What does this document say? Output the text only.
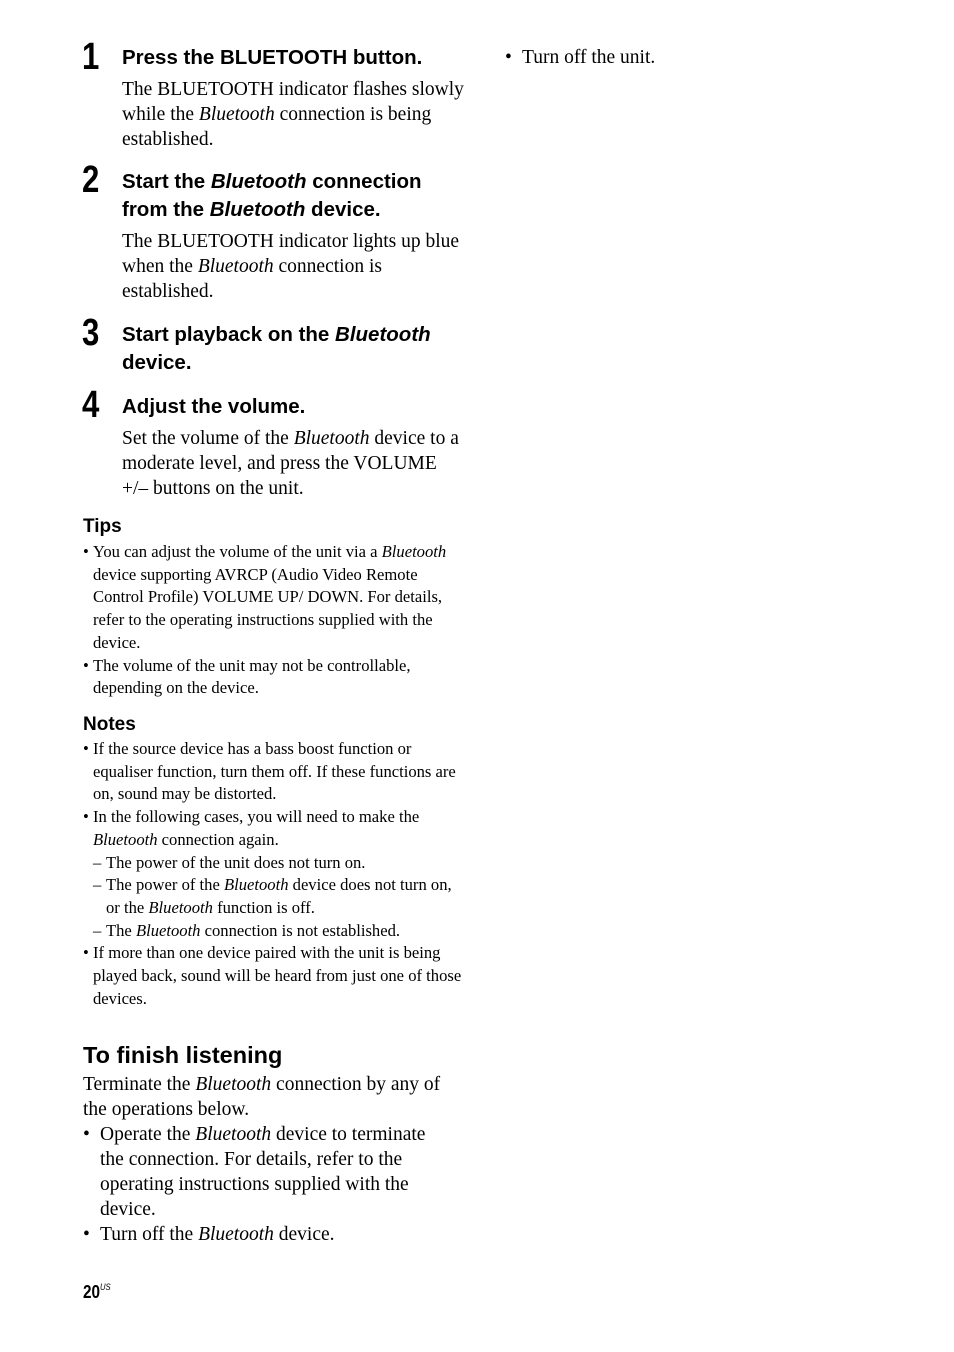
1 Press the BLUETOOTH button.
The BLUETOOTH indicator flashes slowly while the Bluetooth connection is being established.
2 Start the Bluetooth connection from the Bluetooth device.
The BLUETOOTH indicator lights up blue when the Bluetooth connection is established.
3 Start playback on the Bluetooth device.
4 Adjust the volume.
Set the volume of the Bluetooth device to a moderate level, and press the VOLUME +/– buttons on the unit.
Tips
• You can adjust the volume of the unit via a Bluetooth device supporting AVRCP (Audio Video Remote Control Profile) VOLUME UP/ DOWN. For details, refer to the operating instructions supplied with the device.
• The volume of the unit may not be controllable, depending on the device.
Notes
• If the source device has a bass boost function or equaliser function, turn them off. If these functions are on, sound may be distorted.
• In the following cases, you will need to make the Bluetooth connection again.
– The power of the unit does not turn on.
– The power of the Bluetooth device does not turn on, or the Bluetooth function is off.
– The Bluetooth connection is not established.
• If more than one device paired with the unit is being played back, sound will be heard from just one of those devices.
To finish listening
Terminate the Bluetooth connection by any of the operations below.
• Operate the Bluetooth device to terminate the connection. For details, refer to the operating instructions supplied with the device.
• Turn off the Bluetooth device.
• Turn off the unit.
$20^{US}$
